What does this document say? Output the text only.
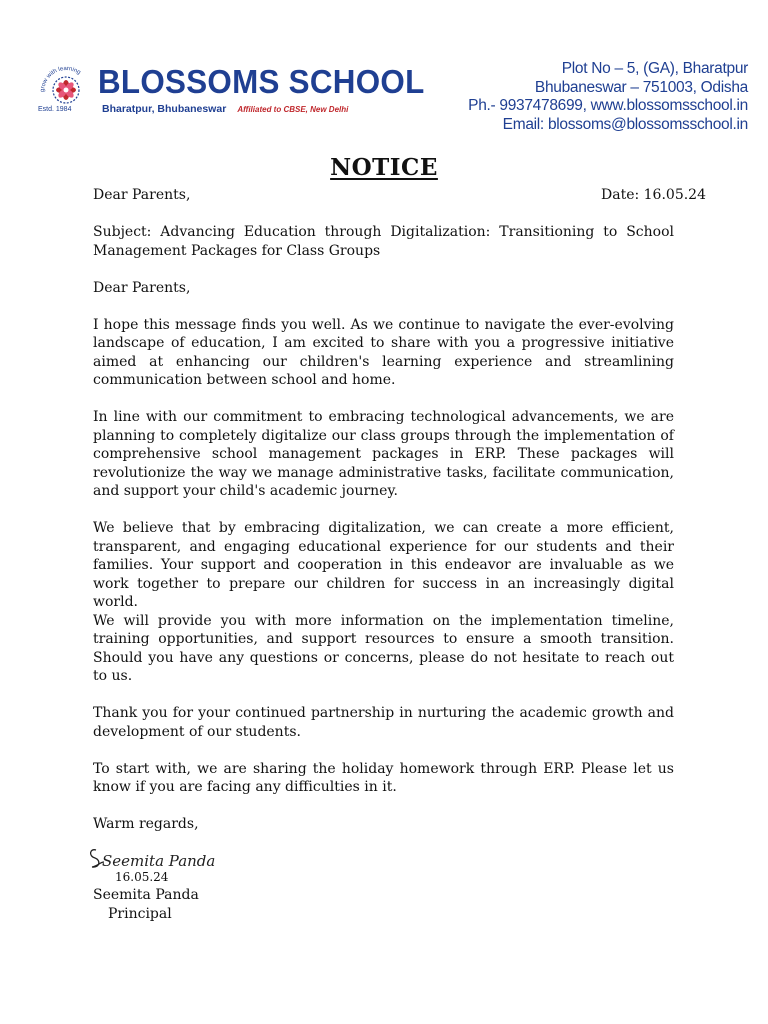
grow with learning
Estd. 1984
BLOSSOMS SCHOOL
Bharatpur, Bhubaneswar Affiliated to CBSE, New Delhi
Plot No – 5, (GA), Bharatpur
Bhubaneswar – 751003, Odisha
Ph.- 9937478699, www.blossomsschool.in
Email: blossoms@blossomsschool.in
NOTICE
Dear Parents,	Date: 16.05.24

Subject: Advancing Education through Digitalization: Transitioning to School Management Packages for Class Groups

Dear Parents,

I hope this message finds you well. As we continue to navigate the ever-evolving landscape of education, I am excited to share with you a progressive initiative aimed at enhancing our children's learning experience and streamlining communication between school and home.

In line with our commitment to embracing technological advancements, we are planning to completely digitalize our class groups through the implementation of comprehensive school management packages in ERP. These packages will revolutionize the way we manage administrative tasks, facilitate communication, and support your child's academic journey.

We believe that by embracing digitalization, we can create a more efficient, transparent, and engaging educational experience for our students and their families. Your support and cooperation in this endeavor are invaluable as we work together to prepare our children for success in an increasingly digital world.

We will provide you with more information on the implementation timeline, training opportunities, and support resources to ensure a smooth transition. Should you have any questions or concerns, please do not hesitate to reach out to us.

Thank you for your continued partnership in nurturing the academic growth and development of our students.

To start with, we are sharing the holiday homework through ERP. Please let us know if you are facing any difficulties in it.

Warm regards,

Seemita Panda
16.05.24
Seemita Panda
Principal
